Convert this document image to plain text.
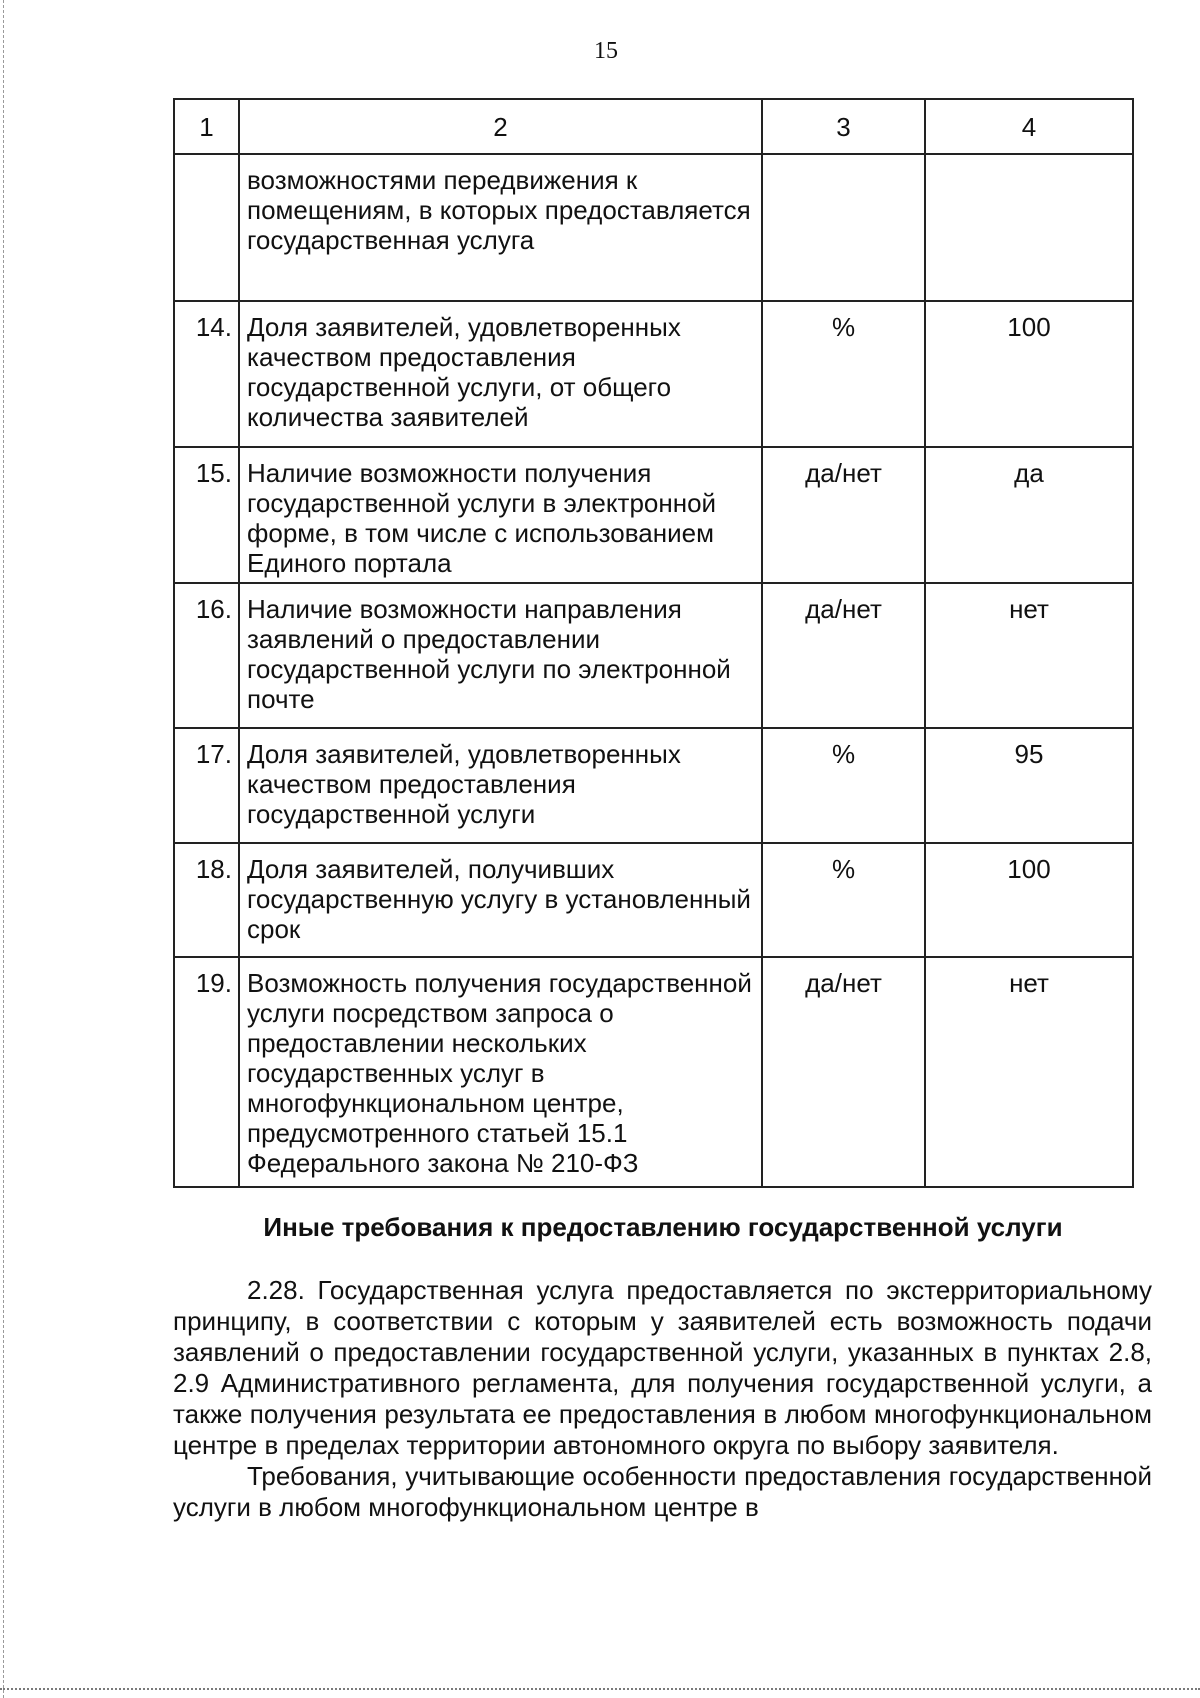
15
1	2	3	4
	возможностями передвижения к помещениям, в которых предоставляется государственная услуга		
14.	Доля заявителей, удовлетворенных качеством предоставления государственной услуги, от общего количества заявителей	%	100
15.	Наличие возможности получения государственной услуги в электронной форме, в том числе с использованием Единого портала	да/нет	да
16.	Наличие возможности направления заявлений о предоставлении государственной услуги по электронной почте	да/нет	нет
17.	Доля заявителей, удовлетворенных качеством предоставления государственной услуги	%	95
18.	Доля заявителей, получивших государственную услугу в установленный срок	%	100
19.	Возможность получения государственной услуги посредством запроса о предоставлении нескольких государственных услуг в многофункциональном центре, предусмотренного статьей 15.1 Федерального закона № 210-ФЗ	да/нет	нет
Иные требования к предоставлению государственной услуги

2.28. Государственная услуга предоставляется по экстерриториальному принципу, в соответствии с которым у заявителей есть возможность подачи заявлений о предоставлении государственной услуги, указанных в пунктах 2.8, 2.9 Административного регламента, для получения государственной услуги, а также получения результата ее предоставления в любом многофункциональном центре в пределах территории автономного округа по выбору заявителя.

Требования, учитывающие особенности предоставления государственной услуги в любом многофункциональном центре в
